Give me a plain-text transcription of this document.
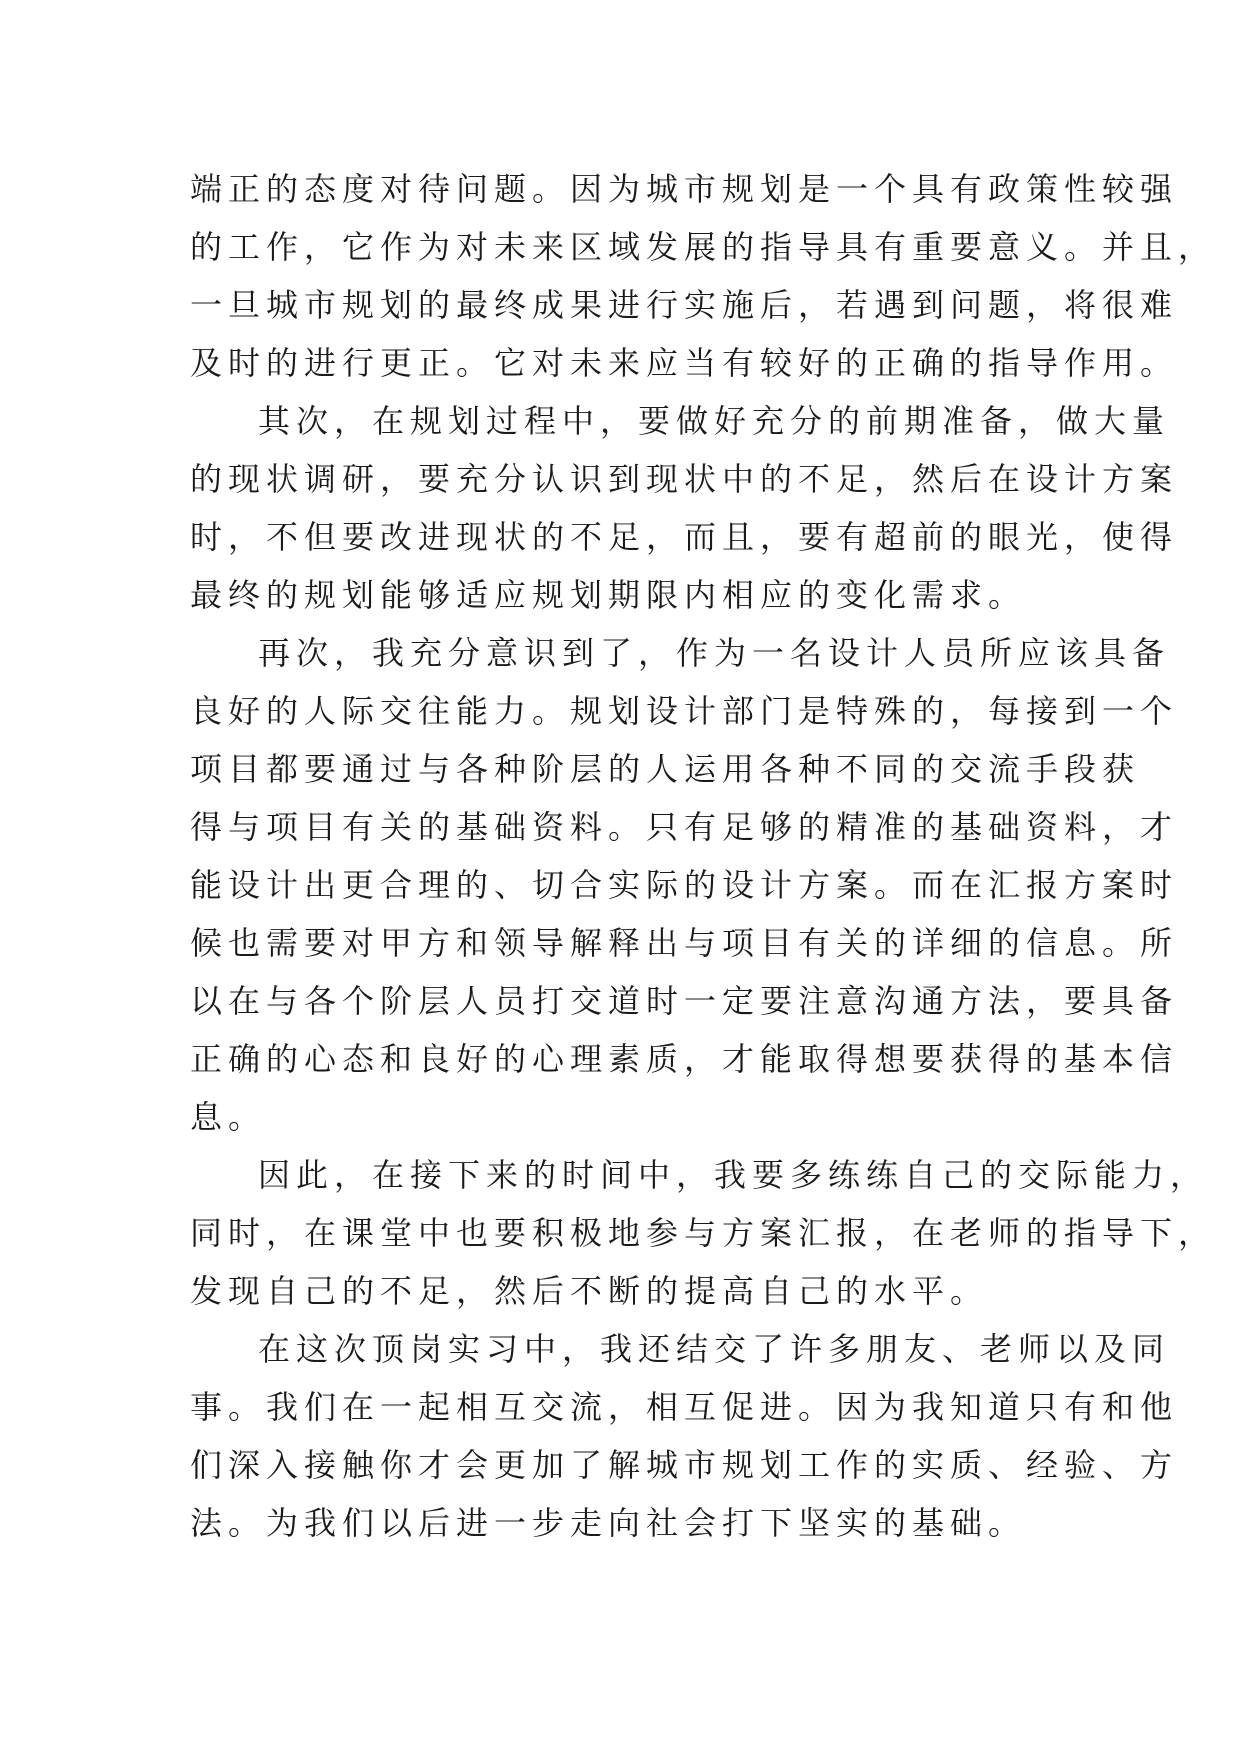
端正的态度对待问题。因为城市规划是一个具有政策性较强
的工作，它作为对未来区域发展的指导具有重要意义。并且，
一旦城市规划的最终成果进行实施后，若遇到问题，将很难
及时的进行更正。它对未来应当有较好的正确的指导作用。

其次，在规划过程中，要做好充分的前期准备，做大量
的现状调研，要充分认识到现状中的不足，然后在设计方案
时，不但要改进现状的不足，而且，要有超前的眼光，使得
最终的规划能够适应规划期限内相应的变化需求。

再次，我充分意识到了，作为一名设计人员所应该具备
良好的人际交往能力。规划设计部门是特殊的，每接到一个
项目都要通过与各种阶层的人运用各种不同的交流手段获
得与项目有关的基础资料。只有足够的精准的基础资料，才
能设计出更合理的、切合实际的设计方案。而在汇报方案时
候也需要对甲方和领导解释出与项目有关的详细的信息。所
以在与各个阶层人员打交道时一定要注意沟通方法，要具备
正确的心态和良好的心理素质，才能取得想要获得的基本信
息。

因此，在接下来的时间中，我要多练练自己的交际能力，
同时，在课堂中也要积极地参与方案汇报，在老师的指导下，
发现自己的不足，然后不断的提高自己的水平。

在这次顶岗实习中，我还结交了许多朋友、老师以及同
事。我们在一起相互交流，相互促进。因为我知道只有和他
们深入接触你才会更加了解城市规划工作的实质、经验、方
法。为我们以后进一步走向社会打下坚实的基础。
